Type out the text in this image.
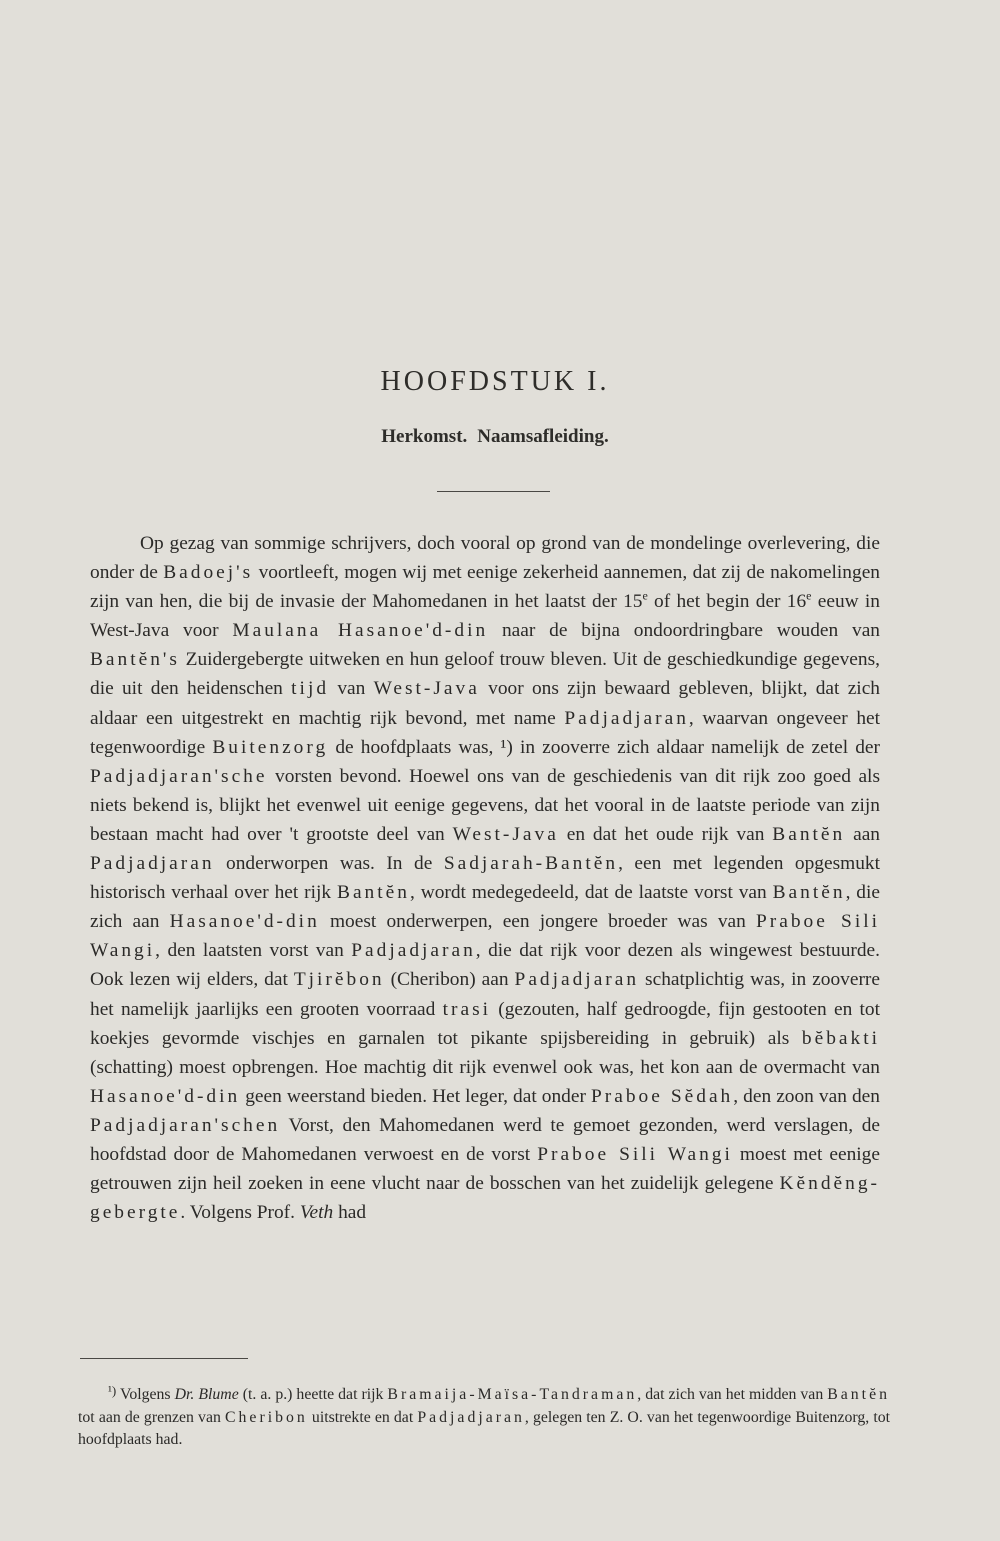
HOOFDSTUK I.

Herkomst. Naamsafleiding.

Op gezag van sommige schrijvers, doch vooral op grond van de mondelinge overlevering, die onder de Badoej's voortleeft, mogen wij met eenige zekerheid aannemen, dat zij de nakomelingen zijn van hen, die bij de invasie der Mahomedanen in het laatst der 15e of het begin der 16e eeuw in West-Java voor Maulana Hasanoe'd-din naar de bijna ondoordringbare wouden van Bantĕn's Zuidergebergte uitweken en hun geloof trouw bleven. Uit de geschiedkundige gegevens, die uit den heidenschen tijd van West-Java voor ons zijn bewaard gebleven, blijkt, dat zich aldaar een uitgestrekt en machtig rijk bevond, met name Padjadjaran, waarvan ongeveer het tegenwoordige Buitenzorg de hoofdplaats was, ¹) in zooverre zich aldaar namelijk de zetel der Padjadjaran'sche vorsten bevond. Hoewel ons van de geschiedenis van dit rijk zoo goed als niets bekend is, blijkt het evenwel uit eenige gegevens, dat het vooral in de laatste periode van zijn bestaan macht had over 't grootste deel van West-Java en dat het oude rijk van Bantĕn aan Padjadjaran onderworpen was. In de Sadjarah-Bantĕn, een met legenden opgesmukt historisch verhaal over het rijk Bantĕn, wordt medegedeeld, dat de laatste vorst van Bantĕn, die zich aan Hasanoe'd-din moest onderwerpen, een jongere broeder was van Praboe Sili Wangi, den laatsten vorst van Padjadjaran, die dat rijk voor dezen als wingewest bestuurde. Ook lezen wij elders, dat Tjirĕbon (Cheribon) aan Padjadjaran schatplichtig was, in zooverre het namelijk jaarlijks een grooten voorraad trasi (gezouten, half gedroogde, fijn gestooten en tot koekjes gevormde vischjes en garnalen tot pikante spijsbereiding in gebruik) als bĕbakti (schatting) moest opbrengen. Hoe machtig dit rijk evenwel ook was, het kon aan de overmacht van Hasanoe'd-din geen weerstand bieden. Het leger, dat onder Praboe Sĕdah, den zoon van den Padjadjaran'schen Vorst, den Mahomedanen werd te gemoet gezonden, werd verslagen, de hoofdstad door de Mahomedanen verwoest en de vorst Praboe Sili Wangi moest met eenige getrouwen zijn heil zoeken in eene vlucht naar de bosschen van het zuidelijk gelegene Kĕndĕng-gebergte. Volgens Prof. Veth had

$^{^1)}$ Volgens Dr. Blume (t. a. p.) heette dat rijk Bramaija-Maïsa-Tandraman, dat zich van het midden van Bantĕn tot aan de grenzen van Cheribon uitstrekte en dat Padjadjaran, gelegen ten Z. O. van het tegenwoordige Buitenzorg, tot hoofdplaats had.
